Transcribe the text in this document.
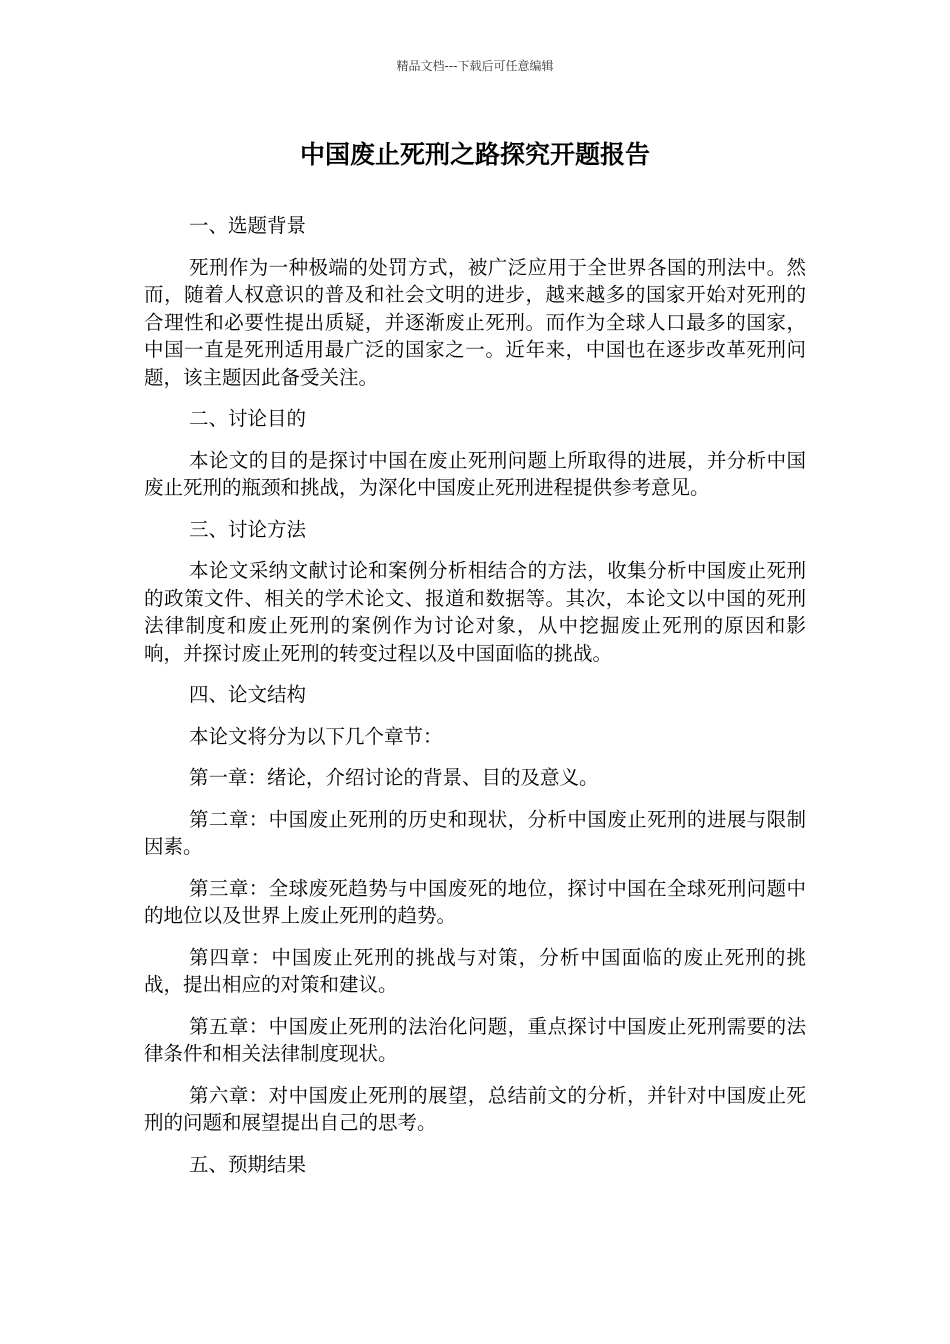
精品文档---下载后可任意编辑
中国废止死刑之路探究开题报告

一、选题背景

死刑作为一种极端的处罚方式，被广泛应用于全世界各国的刑法中。然而，随着人权意识的普及和社会文明的进步，越来越多的国家开始对死刑的合理性和必要性提出质疑，并逐渐废止死刑。而作为全球人口最多的国家，中国一直是死刑适用最广泛的国家之一。近年来，中国也在逐步改革死刑问题，该主题因此备受关注。

二、讨论目的

本论文的目的是探讨中国在废止死刑问题上所取得的进展，并分析中国废止死刑的瓶颈和挑战，为深化中国废止死刑进程提供参考意见。

三、讨论方法

本论文采纳文献讨论和案例分析相结合的方法，收集分析中国废止死刑的政策文件、相关的学术论文、报道和数据等。其次，本论文以中国的死刑法律制度和废止死刑的案例作为讨论对象，从中挖掘废止死刑的原因和影响，并探讨废止死刑的转变过程以及中国面临的挑战。

四、论文结构

本论文将分为以下几个章节：

第一章：绪论，介绍讨论的背景、目的及意义。

第二章：中国废止死刑的历史和现状，分析中国废止死刑的进展与限制因素。

第三章：全球废死趋势与中国废死的地位，探讨中国在全球死刑问题中的地位以及世界上废止死刑的趋势。

第四章：中国废止死刑的挑战与对策，分析中国面临的废止死刑的挑战，提出相应的对策和建议。

第五章：中国废止死刑的法治化问题，重点探讨中国废止死刑需要的法律条件和相关法律制度现状。

第六章：对中国废止死刑的展望，总结前文的分析，并针对中国废止死刑的问题和展望提出自己的思考。

五、预期结果
